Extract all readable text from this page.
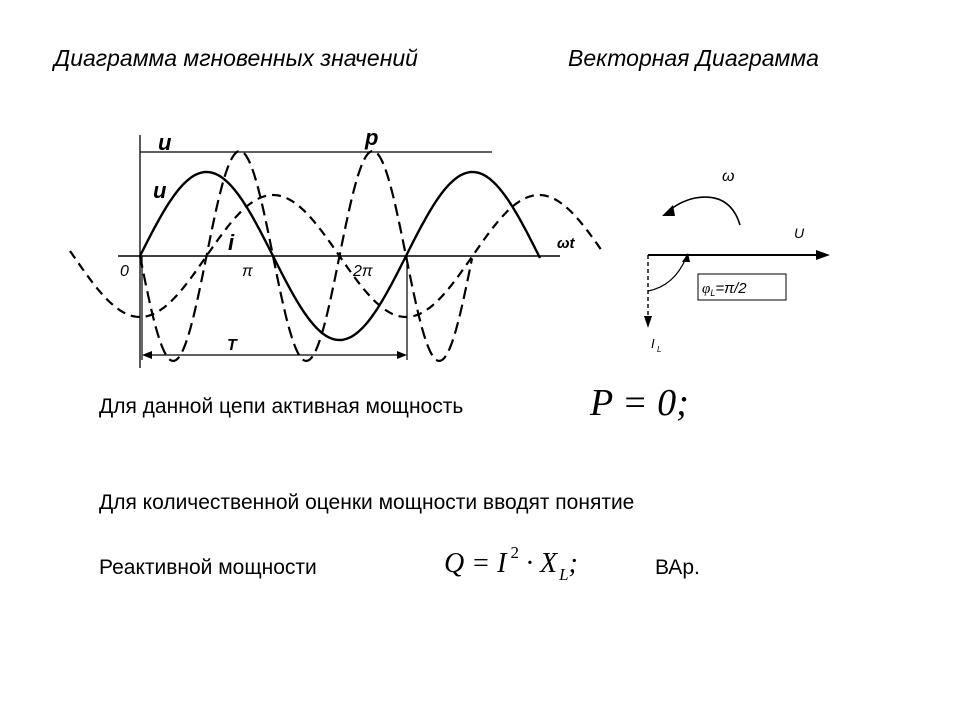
Диаграмма мгновенных значений	Векторная Диаграмма
u
u
p
i	ωt
0	π	2π
T
ω
U
I L
$\varphi_L=\pi/2$
Для данной цепи активная мощность	P = 0;
Для количественной оценки мощности вводят понятие
Реактивной мощности	Q = I $^2$ · X $_L$;	ВАр.
